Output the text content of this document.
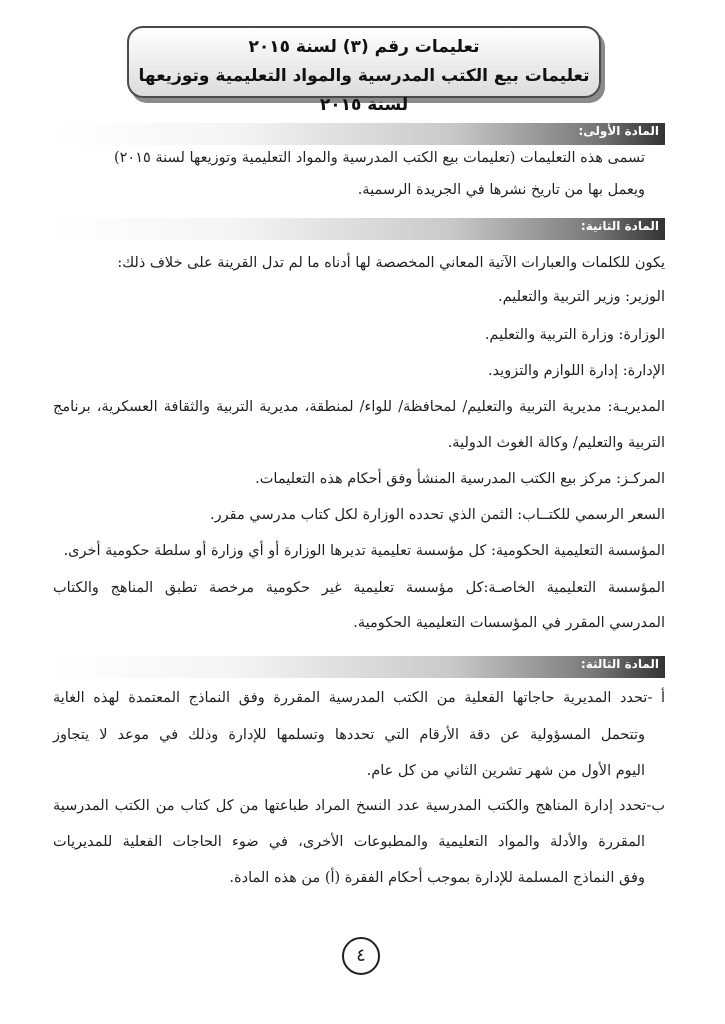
تعليمات رقم (٣) لسنة ٢٠١٥
تعليمات بيع الكتب المدرسية والمواد التعليمية وتوزيعها لسنة ٢٠١٥
المادة الأولى:
تسمى هذه التعليمات (تعليمات بيع الكتب المدرسية والمواد التعليمية وتوزيعها لسنة ٢٠١٥)
ويعمل بها من تاريخ نشرها في الجريدة الرسمية.
المادة الثانية:
يكون للكلمات والعبارات الآتية المعاني المخصصة لها أدناه ما لم تدل القرينة على خلاف ذلك:
الوزير: وزير التربية والتعليم.
الوزارة: وزارة التربية والتعليم.
الإدارة: إدارة اللوازم والتزويد.
المديريـة: مديرية التربية والتعليم/ لمحافظة/ للواء/ لمنطقة، مديرية التربية والثقافة العسكرية، برنامج
التربية والتعليم/ وكالة الغوث الدولية.
المركـز: مركز بيع الكتب المدرسية المنشأ وفق أحكام هذه التعليمات.
السعر الرسمي للكتــاب: الثمن الذي تحدده الوزارة لكل كتاب مدرسي مقرر.
المؤسسة التعليمية الحكومية: كل مؤسسة تعليمية تديرها الوزارة أو أي وزارة أو سلطة حكومية أخرى.
المؤسسة التعليمية الخاصـة:كل مؤسسة تعليمية غير حكومية مرخصة تطبق المناهج والكتاب
المدرسي المقرر في المؤسسات التعليمية الحكومية.
المادة الثالثة:
أ -تحدد المديرية حاجاتها الفعلية من الكتب المدرسية المقررة وفق النماذج المعتمدة لهذه الغاية
وتتحمل المسؤولية عن دقة الأرقام التي تحددها وتسلمها للإدارة وذلك في موعد لا يتجاوز
اليوم الأول من شهر تشرين الثاني من كل عام.
ب-تحدد إدارة المناهج والكتب المدرسية عدد النسخ المراد طباعتها من كل كتاب من الكتب المدرسية
المقررة والأدلة والمواد التعليمية والمطبوعات الأخرى، في ضوء الحاجات الفعلية للمديريات
وفق النماذج المسلمة للإدارة بموجب أحكام الفقرة (أ) من هذه المادة.
٤
